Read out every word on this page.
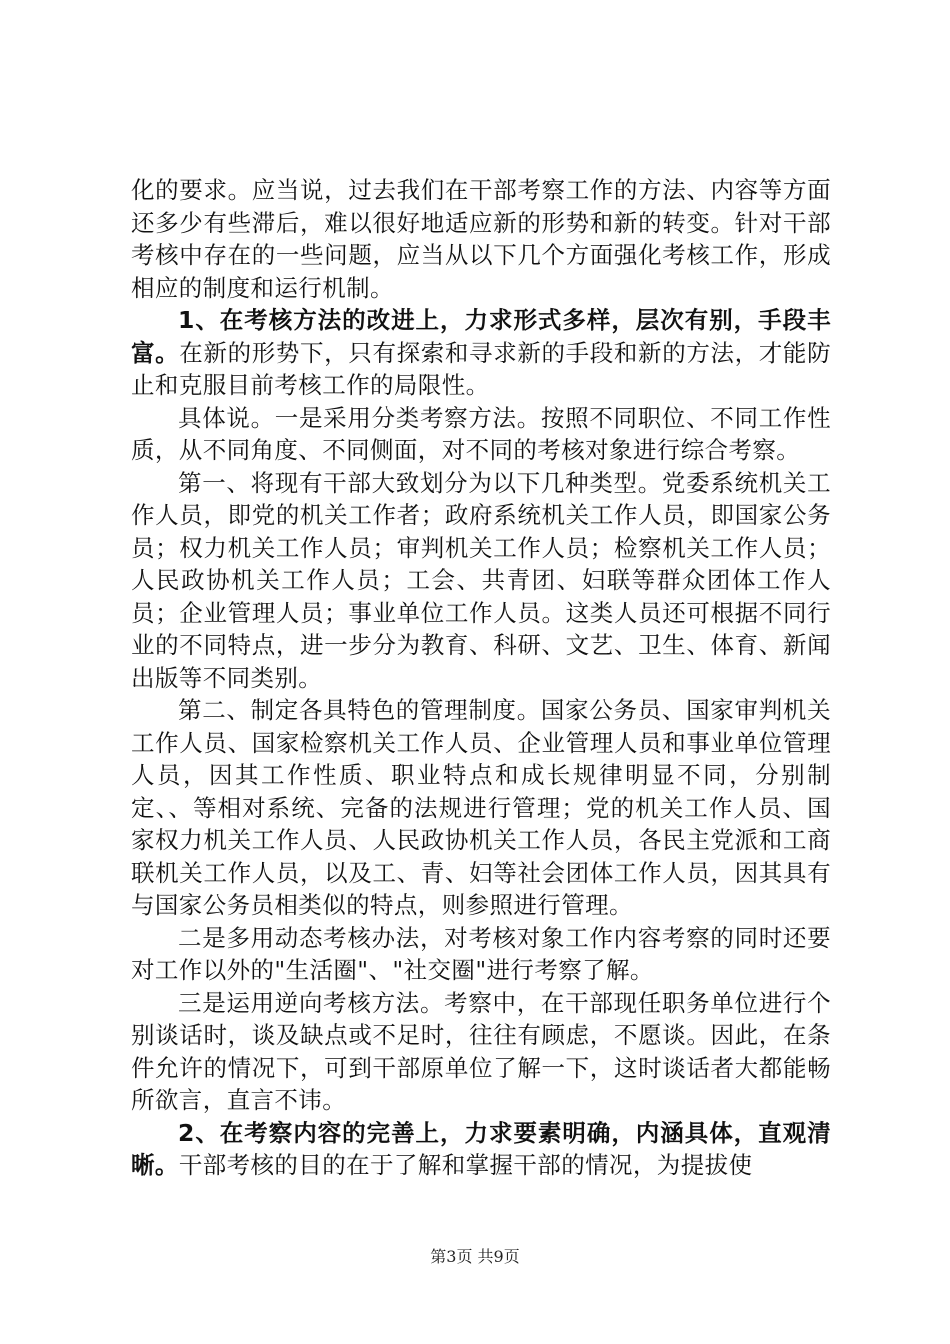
化的要求。应当说，过去我们在干部考察工作的方法、内容等方面还多少有些滞后，难以很好地适应新的形势和新的转变。针对干部考核中存在的一些问题，应当从以下几个方面强化考核工作，形成相应的制度和运行机制。

1、在考核方法的改进上，力求形式多样，层次有别，手段丰富。在新的形势下，只有探索和寻求新的手段和新的方法，才能防止和克服目前考核工作的局限性。

具体说。一是采用分类考察方法。按照不同职位、不同工作性质，从不同角度、不同侧面，对不同的考核对象进行综合考察。

第一、将现有干部大致划分为以下几种类型。党委系统机关工作人员，即党的机关工作者；政府系统机关工作人员，即国家公务员；权力机关工作人员；审判机关工作人员；检察机关工作人员；人民政协机关工作人员；工会、共青团、妇联等群众团体工作人员；企业管理人员；事业单位工作人员。这类人员还可根据不同行业的不同特点，进一步分为教育、科研、文艺、卫生、体育、新闻出版等不同类别。

第二、制定各具特色的管理制度。国家公务员、国家审判机关工作人员、国家检察机关工作人员、企业管理人员和事业单位管理人员，因其工作性质、职业特点和成长规律明显不同，分别制定、、等相对系统、完备的法规进行管理；党的机关工作人员、国家权力机关工作人员、人民政协机关工作人员，各民主党派和工商联机关工作人员，以及工、青、妇等社会团体工作人员，因其具有与国家公务员相类似的特点，则参照进行管理。

二是多用动态考核办法，对考核对象工作内容考察的同时还要对工作以外的"生活圈"、"社交圈"进行考察了解。

三是运用逆向考核方法。考察中，在干部现任职务单位进行个别谈话时，谈及缺点或不足时，往往有顾虑，不愿谈。因此，在条件允许的情况下，可到干部原单位了解一下，这时谈话者大都能畅所欲言，直言不讳。

2、在考察内容的完善上，力求要素明确，内涵具体，直观清晰。干部考核的目的在于了解和掌握干部的情况，为提拔使

第3页 共9页
